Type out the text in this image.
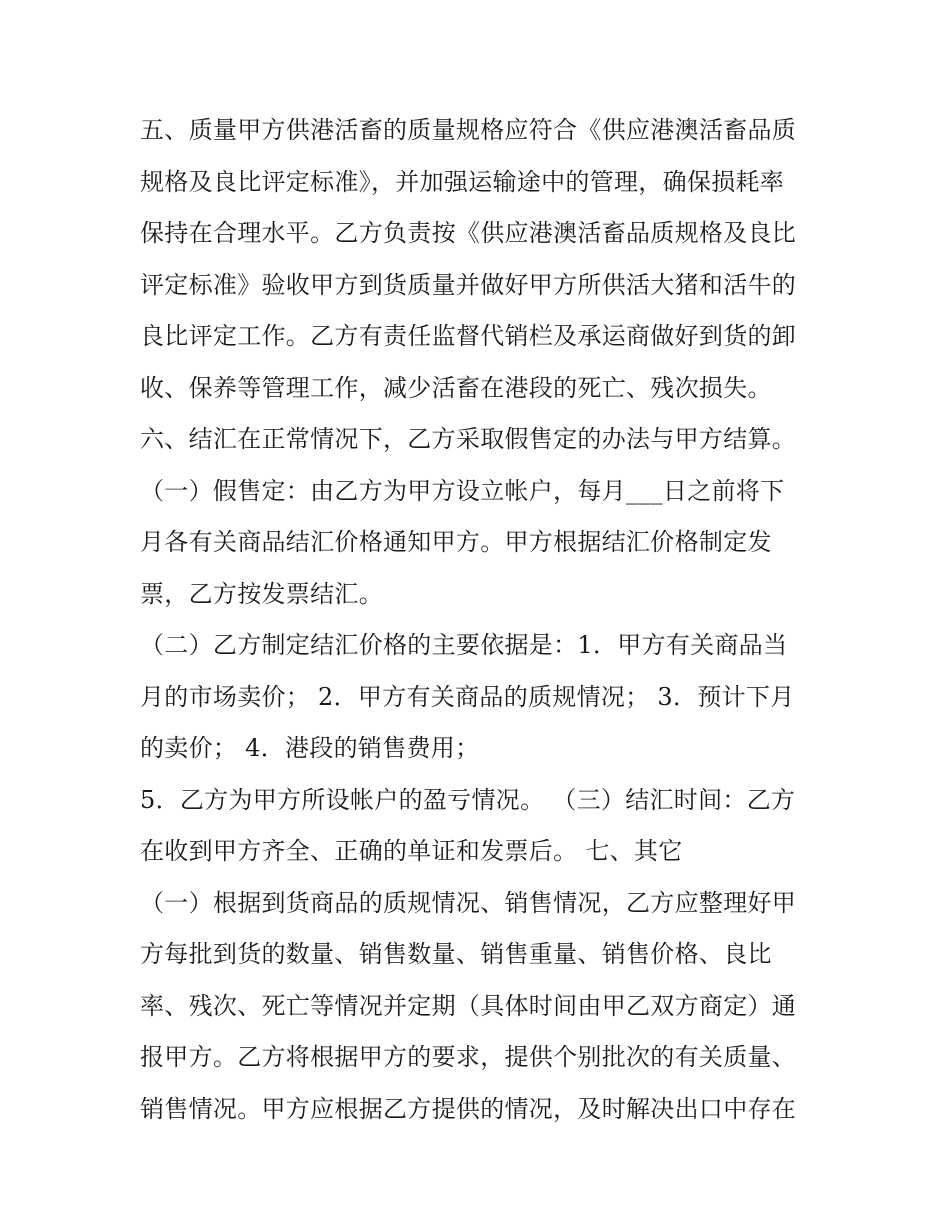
五、质量甲方供港活畜的质量规格应符合《供应港澳活畜品质
规格及良比评定标准》，并加强运输途中的管理，确保损耗率
保持在合理水平。乙方负责按《供应港澳活畜品质规格及良比
评定标准》验收甲方到货质量并做好甲方所供活大猪和活牛的
良比评定工作。乙方有责任监督代销栏及承运商做好到货的卸
收、保养等管理工作，减少活畜在港段的死亡、残次损失。
六、结汇在正常情况下，乙方采取假售定的办法与甲方结算。
（一）假售定：由乙方为甲方设立帐户，每月___日之前将下
月各有关商品结汇价格通知甲方。甲方根据结汇价格制定发
票，乙方按发票结汇。
（二）乙方制定结汇价格的主要依据是：1．甲方有关商品当
月的市场卖价； 2．甲方有关商品的质规情况； 3．预计下月
的卖价； 4．港段的销售费用；
5．乙方为甲方所设帐户的盈亏情况。 （三）结汇时间：乙方
在收到甲方齐全、正确的单证和发票后。 七、其它
（一）根据到货商品的质规情况、销售情况，乙方应整理好甲
方每批到货的数量、销售数量、销售重量、销售价格、良比
率、残次、死亡等情况并定期（具体时间由甲乙双方商定）通
报甲方。乙方将根据甲方的要求，提供个别批次的有关质量、
销售情况。甲方应根据乙方提供的情况，及时解决出口中存在
